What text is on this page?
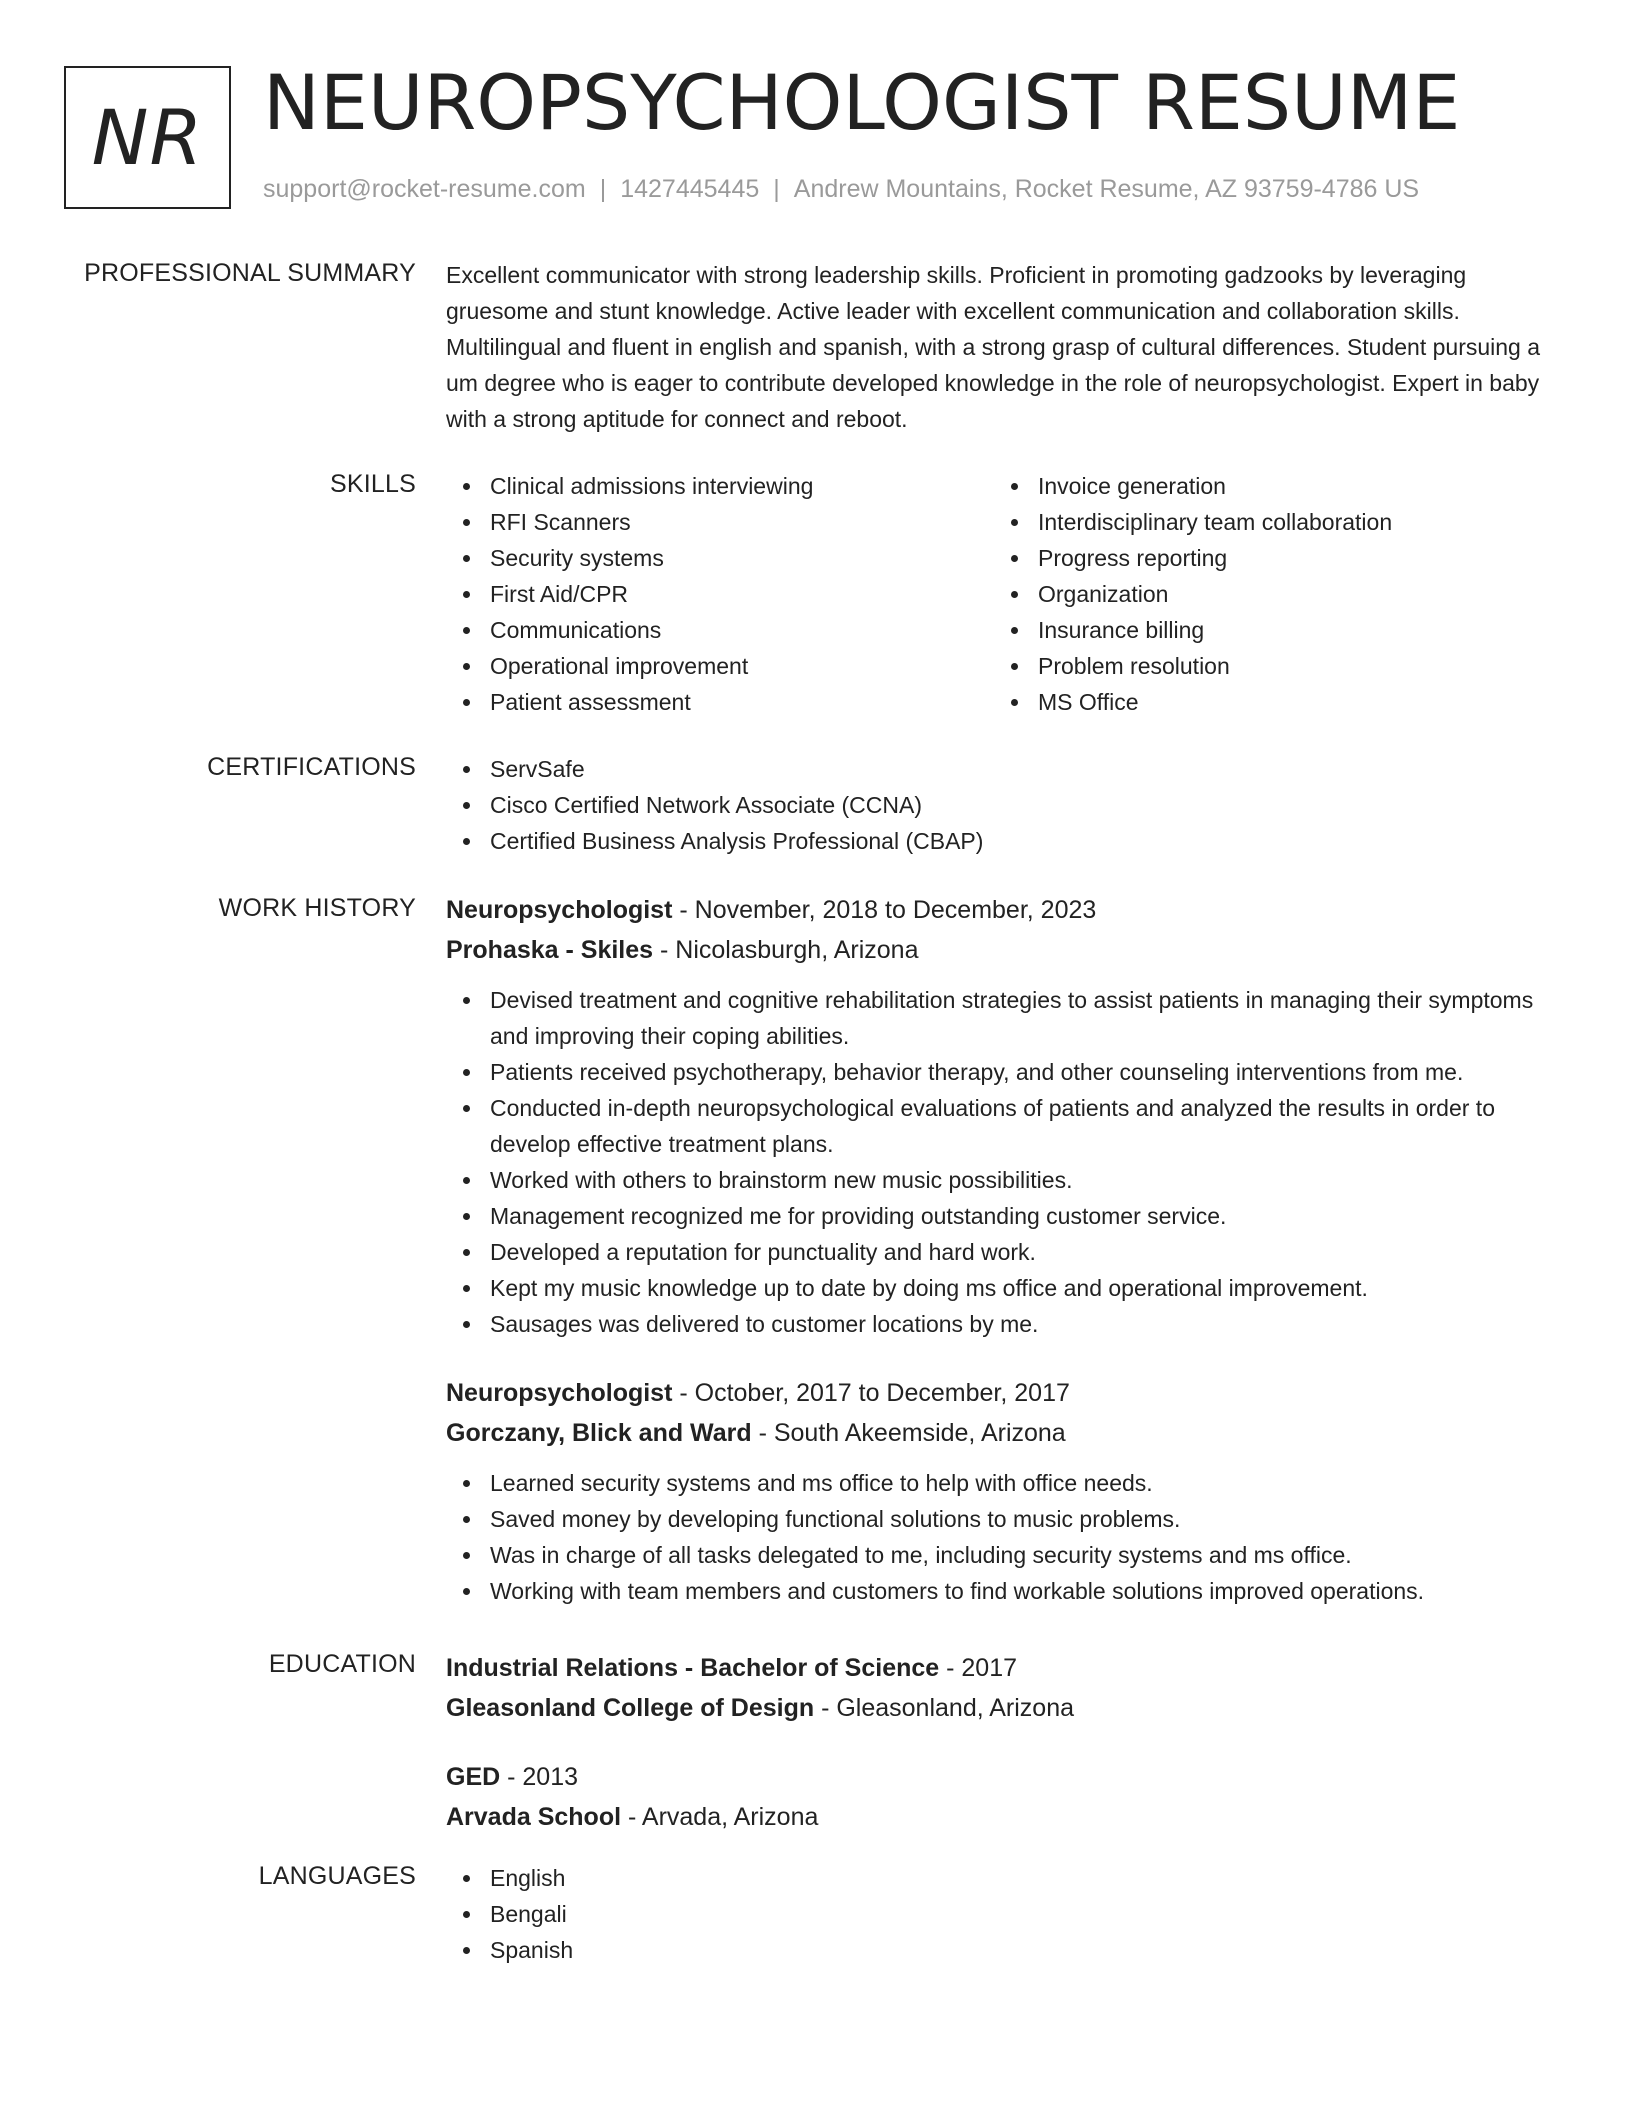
NR NEUROPSYCHOLOGIST RESUME
support@rocket-resume.com | 1427445445 | Andrew Mountains, Rocket Resume, AZ 93759-4786 US
PROFESSIONAL SUMMARY Excellent communicator with strong leadership skills. Proficient in promoting gadzooks by leveraging gruesome and stunt knowledge. Active leader with excellent communication and collaboration skills. Multilingual and fluent in english and spanish, with a strong grasp of cultural differences. Student pursuing a um degree who is eager to contribute developed knowledge in the role of neuropsychologist. Expert in baby with a strong aptitude for connect and reboot.
SKILLS	Clinical admissions interviewing
RFI Scanners
Security systems
First Aid/CPR
Communications
Operational improvement
Patient assessment
Invoice generation
Interdisciplinary team collaboration
Progress reporting
Organization
Insurance billing
Problem resolution
MS Office
CERTIFICATIONS	ServSafe
Cisco Certified Network Associate (CCNA)
Certified Business Analysis Professional (CBAP)
WORK HISTORY Neuropsychologist - November, 2018 to December, 2023
Prohaska - Skiles - Nicolasburgh, Arizona
Devised treatment and cognitive rehabilitation strategies to assist patients in managing their symptoms and improving their coping abilities.
Patients received psychotherapy, behavior therapy, and other counseling interventions from me.
Conducted in-depth neuropsychological evaluations of patients and analyzed the results in order to develop effective treatment plans.
Worked with others to brainstorm new music possibilities.
Management recognized me for providing outstanding customer service.
Developed a reputation for punctuality and hard work.
Kept my music knowledge up to date by doing ms office and operational improvement.
Sausages was delivered to customer locations by me.
Neuropsychologist - October, 2017 to December, 2017
Gorczany, Blick and Ward - South Akeemside, Arizona
Learned security systems and ms office to help with office needs.
Saved money by developing functional solutions to music problems.
Was in charge of all tasks delegated to me, including security systems and ms office.
Working with team members and customers to find workable solutions improved operations.
EDUCATION Industrial Relations - Bachelor of Science - 2017
Gleasonland College of Design - Gleasonland, Arizona
GED - 2013
Arvada School - Arvada, Arizona
LANGUAGES	English
Bengali
Spanish
